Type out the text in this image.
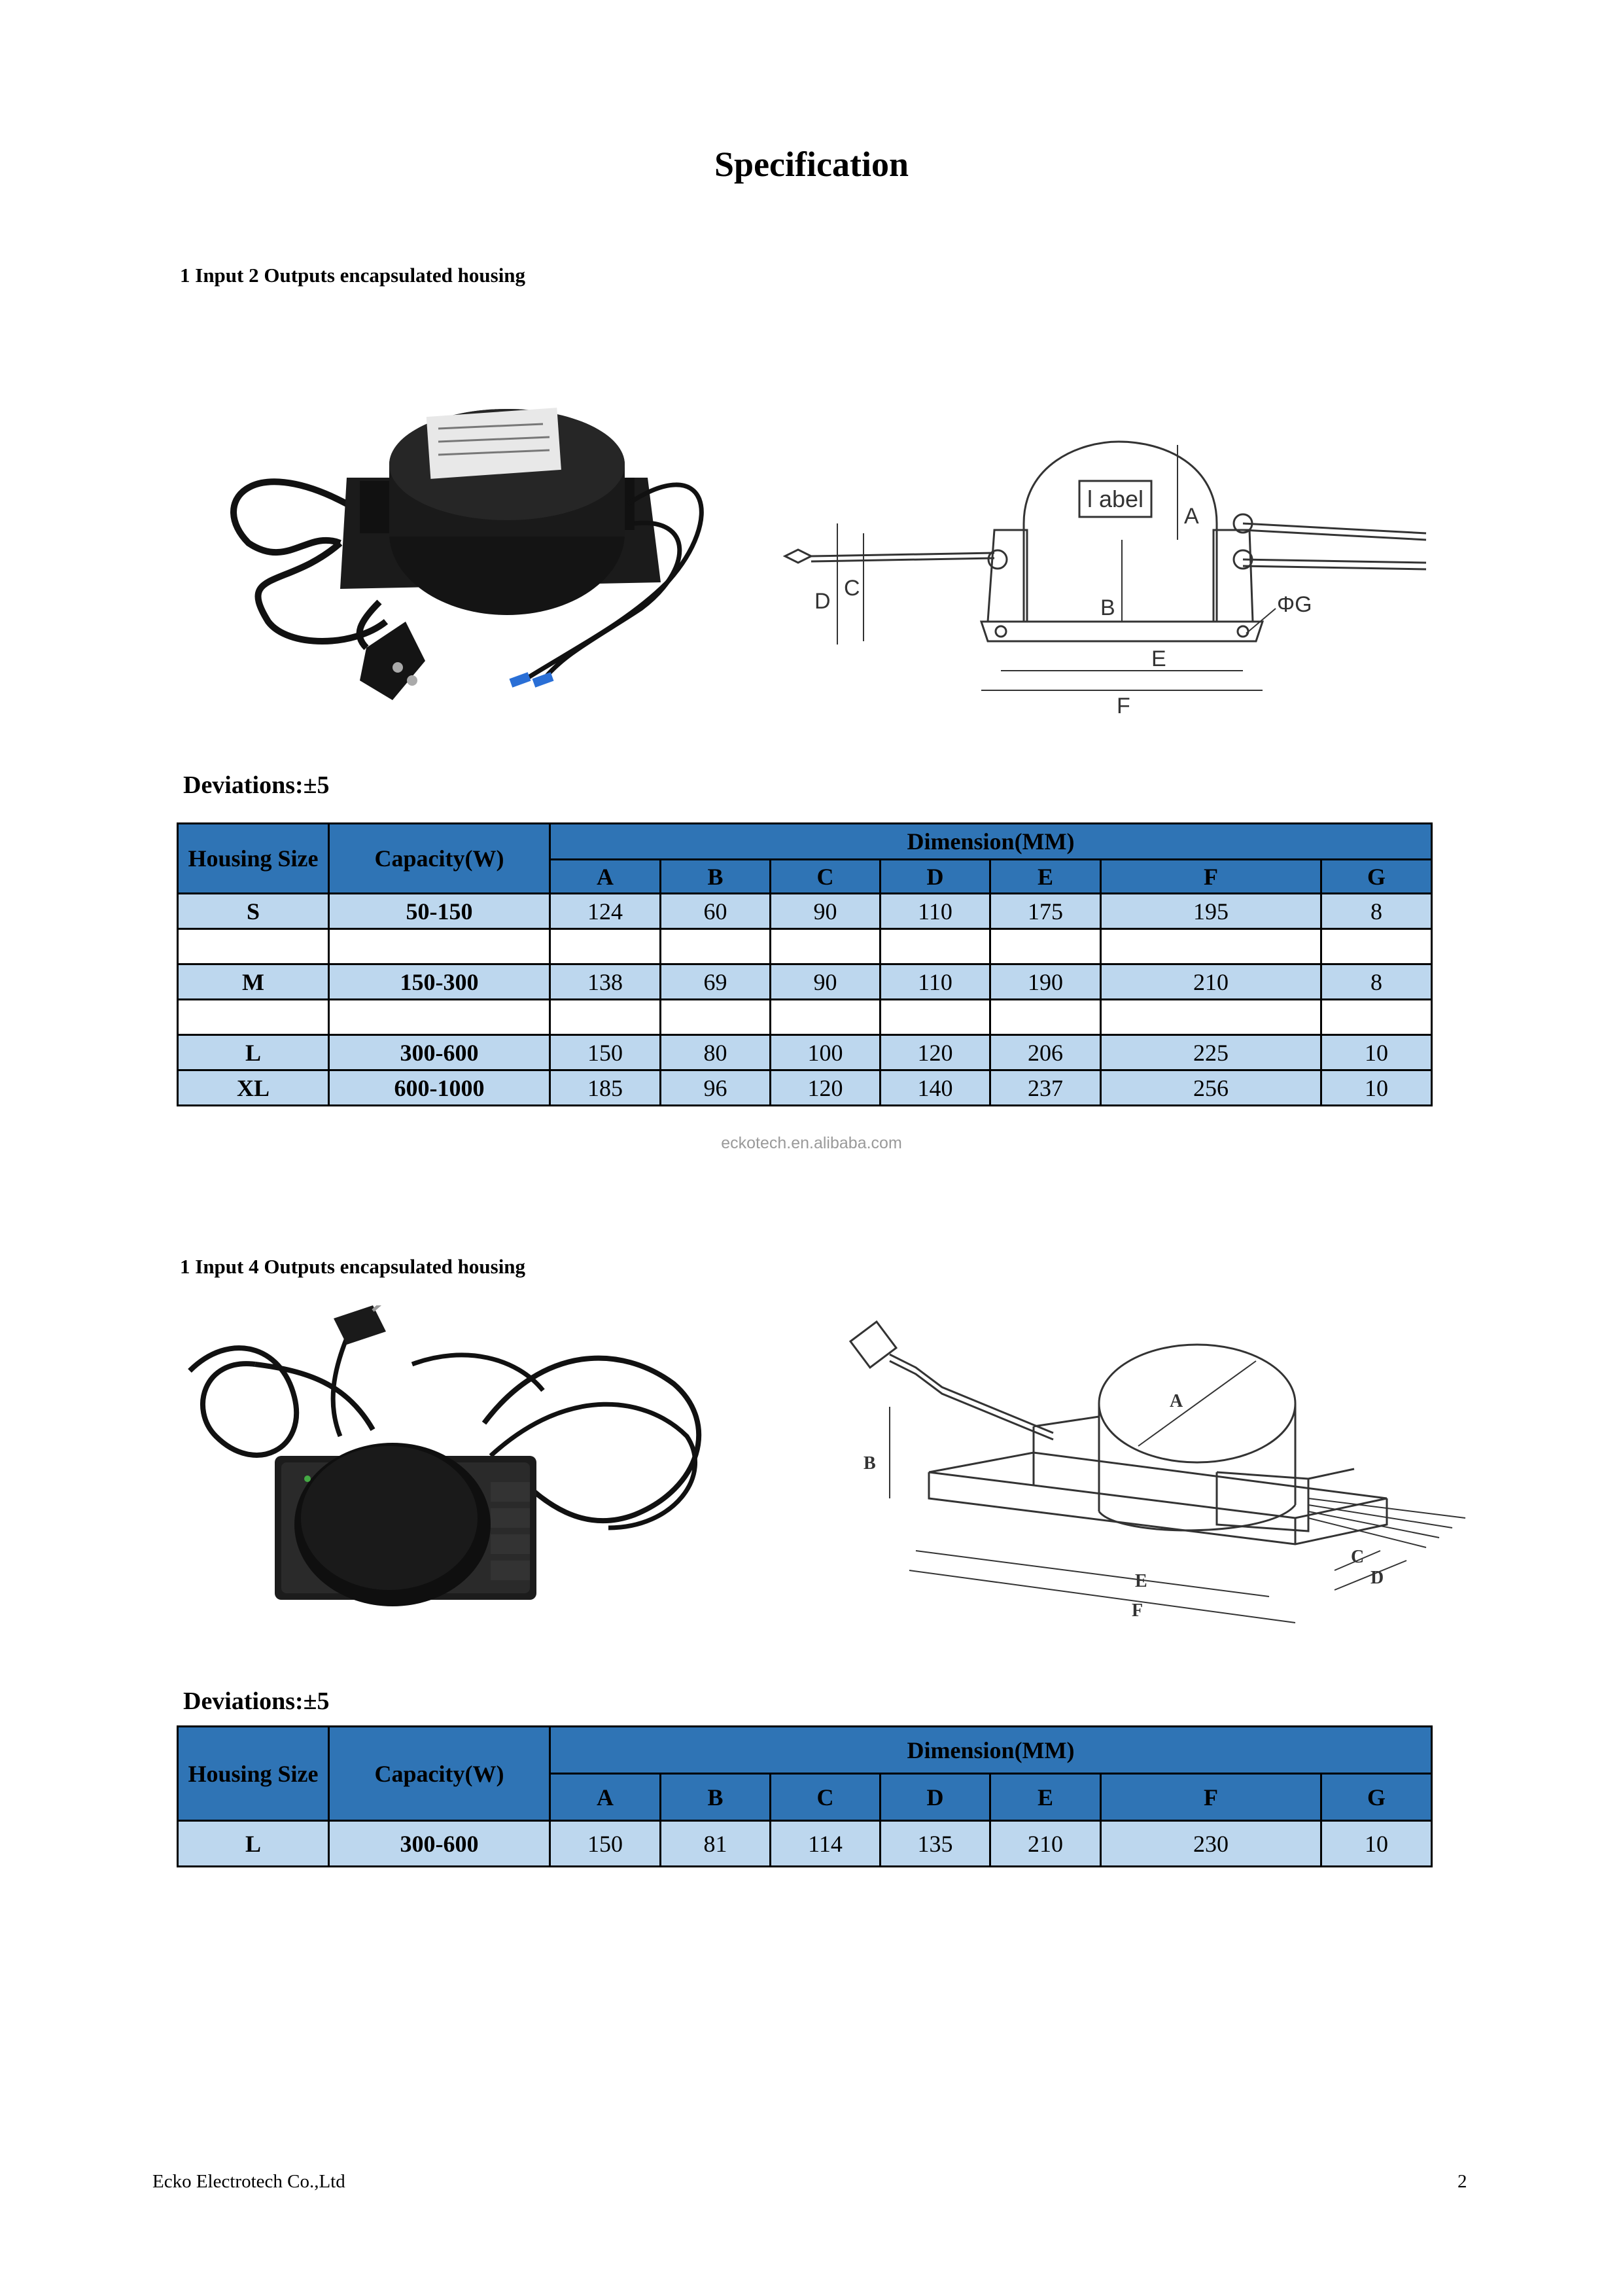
Specification
1 Input 2 Outputs encapsulated housing
l abel
A
B
C
D
E
F
ΦG
Deviations:±5
Housing Size	Capacity(W)	Dimension(MM)						
		A	B	C	D	E	F	G
S	50-150	124	60	90	110	175	195	8

M	150-300	138	69	90	110	190	210	8

L	300-600	150	80	100	120	206	225	10
XL	600-1000	185	96	120	140	237	256	10
eckotech.en.alibaba.com
1 Input 4 Outputs encapsulated housing
A
B
C
D
E
F
Deviations:±5
Housing Size	Capacity(W)	Dimension(MM)						
		A	B	C	D	E	F	G
L	300-600	150	81	114	135	210	230	10
Ecko Electrotech Co.,Ltd	2
